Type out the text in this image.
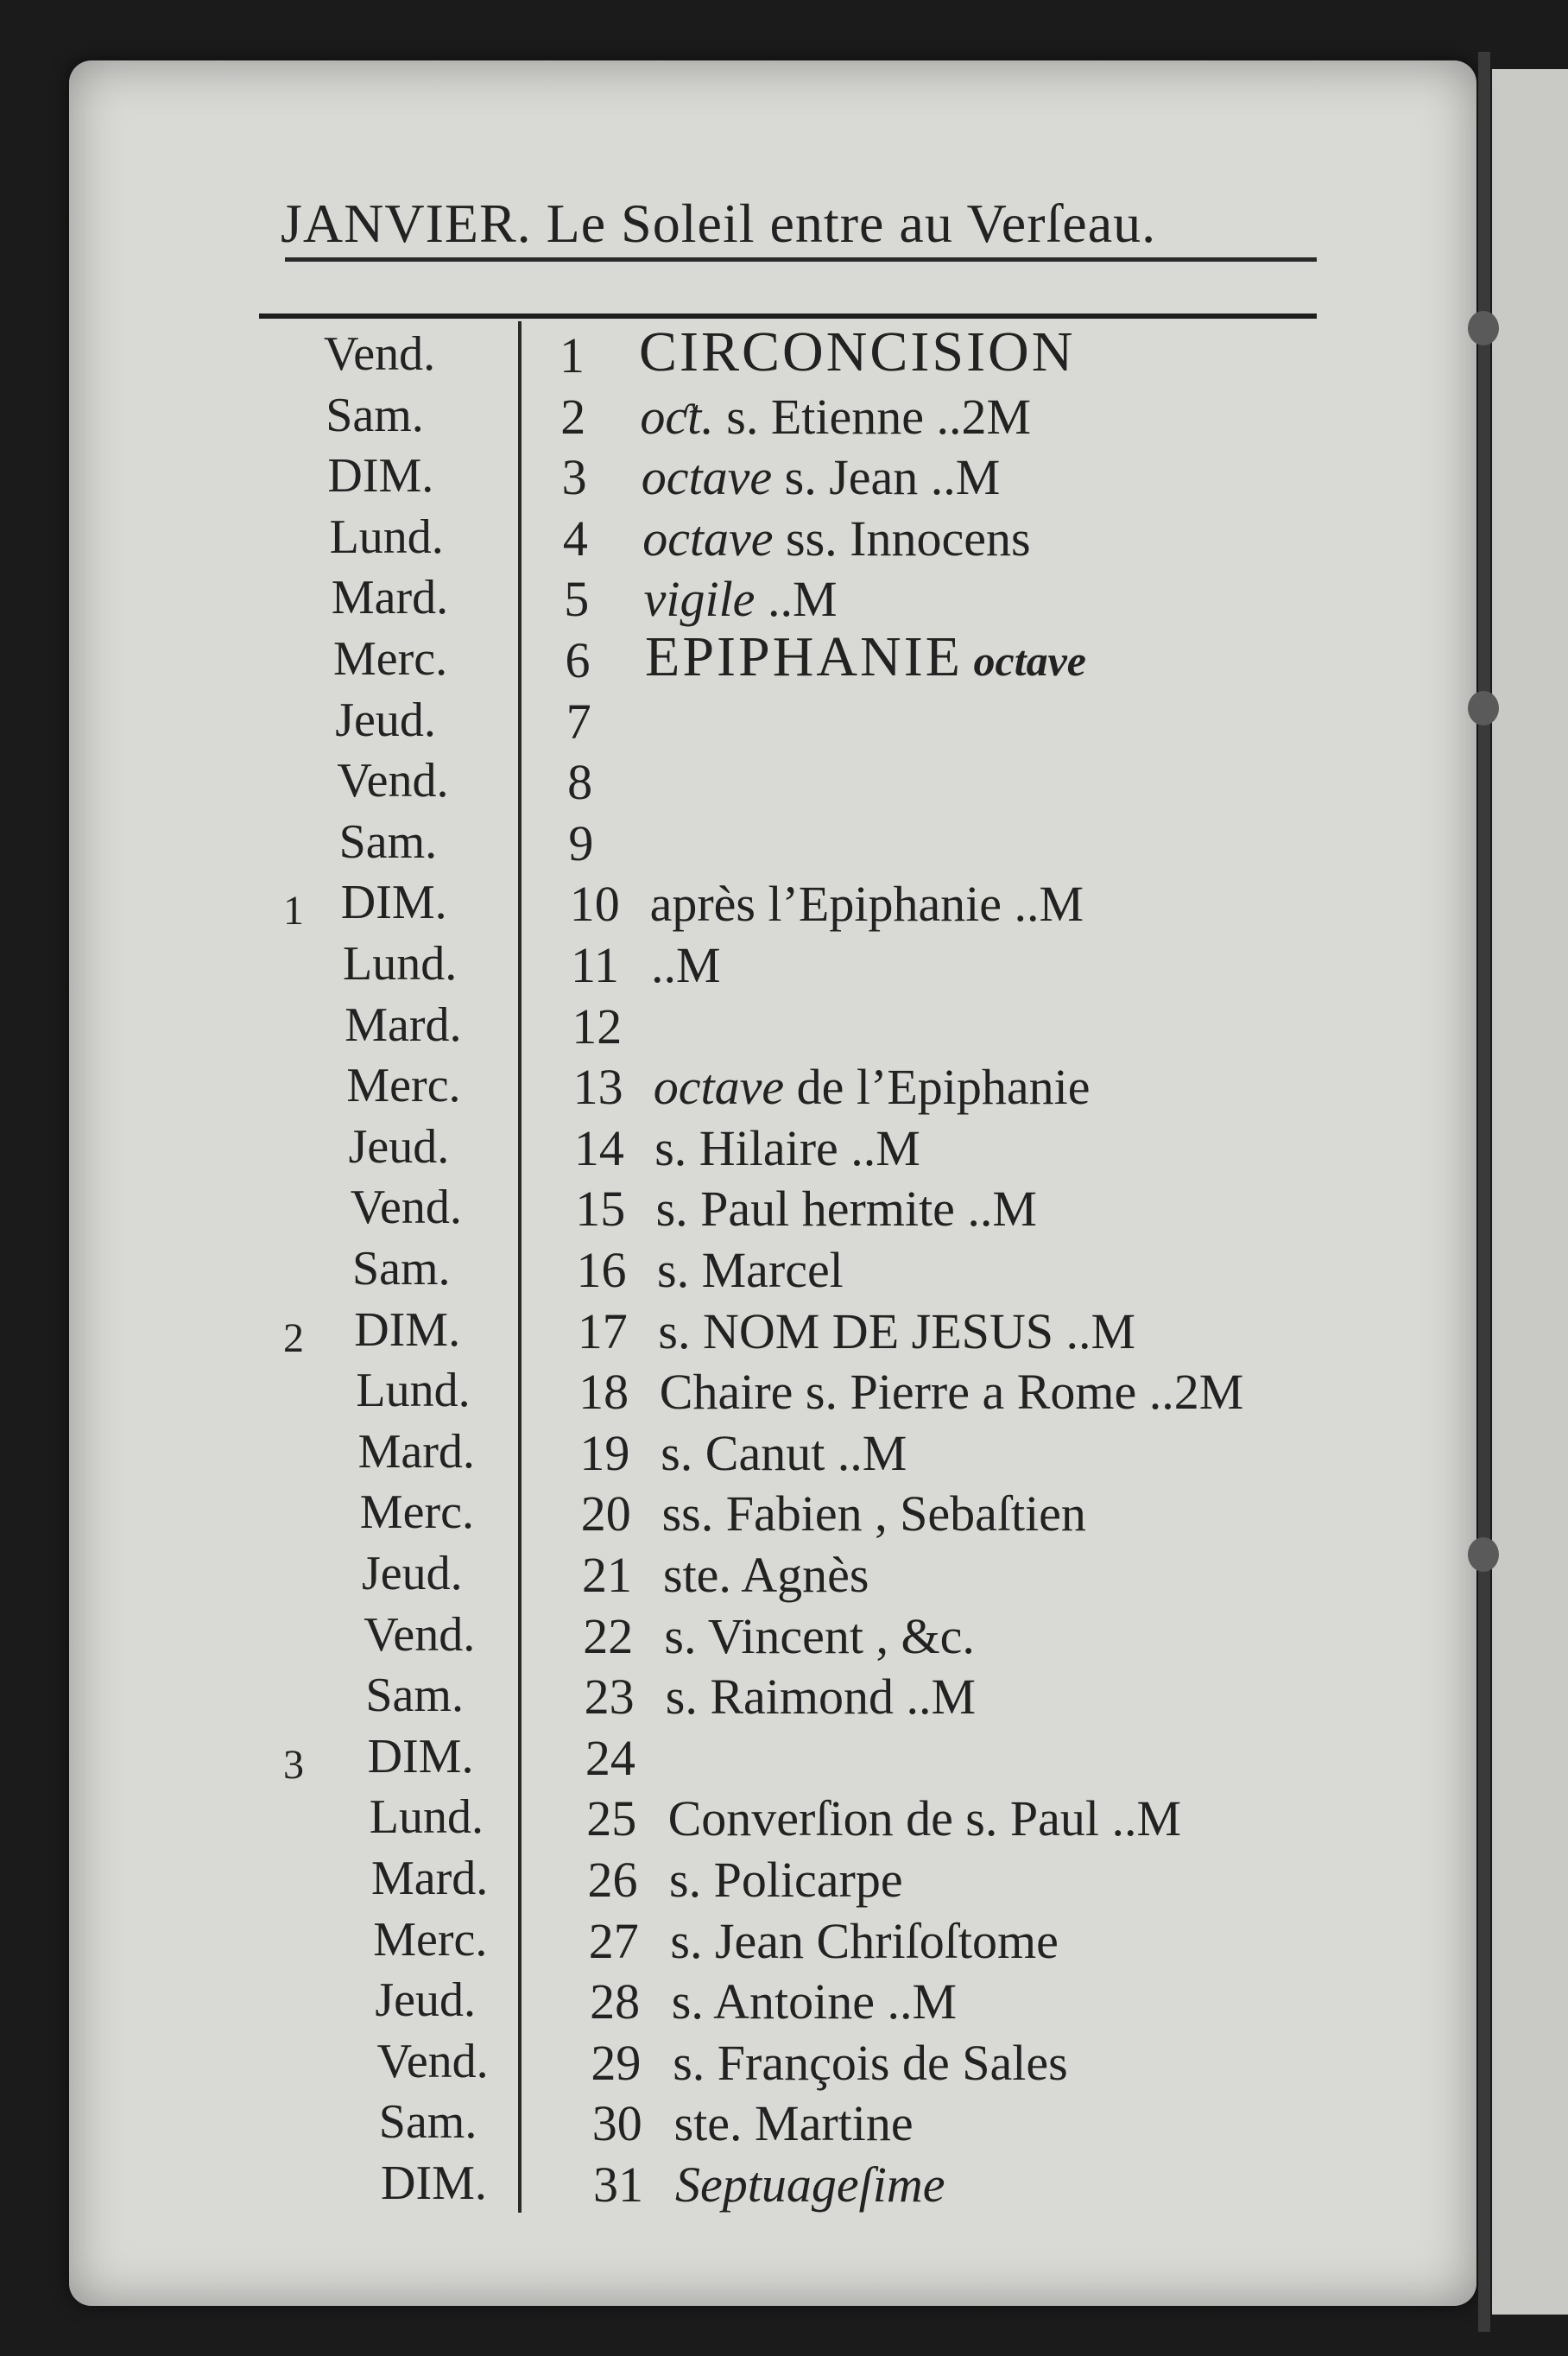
JANVIER. Le Soleil entre au Verſeau.
Vend. 1 CIRCONCISION
Sam.	2 oƈt. s. Etienne ..2M
DIM.	3 octave s. Jean ..M
Lund. 4 octave ss. Innocens
Mard. 5 vigile ..M
Merc. 6 EPIPHANIE octave
Jeud.	7
Vend. 8
Sam.	9
1 DIM. 10 après l’Epiphanie ..M
Lund. 11 ..M
Mard. 12
Merc. 13 octave de l’Epiphanie
Jeud. 14 s. Hilaire ..M
Vend. 15 s. Paul hermite ..M
Sam.	16 s. Marcel
2 DIM. 17 s. NOM DE JESUS ..M
Lund. 18 Chaire s. Pierre a Rome ..2M
Mard. 19 s. Canut ..M
Merc. 20 ss. Fabien , Sebaſtien
Jeud. 21 ste. Agnès
Vend. 22 s. Vincent , &c.
Sam. 23 s. Raimond ..M
3 DIM. 24
Lund. 25 Converſion de s. Paul ..M
Mard. 26 s. Policarpe
Merc. 27 s. Jean Chriſoſtome
Jeud. 28 s. Antoine ..M
Vend. 29 s. François de Sales
Sam. 30 ste. Martine
DIM. 31 Septuageſime
